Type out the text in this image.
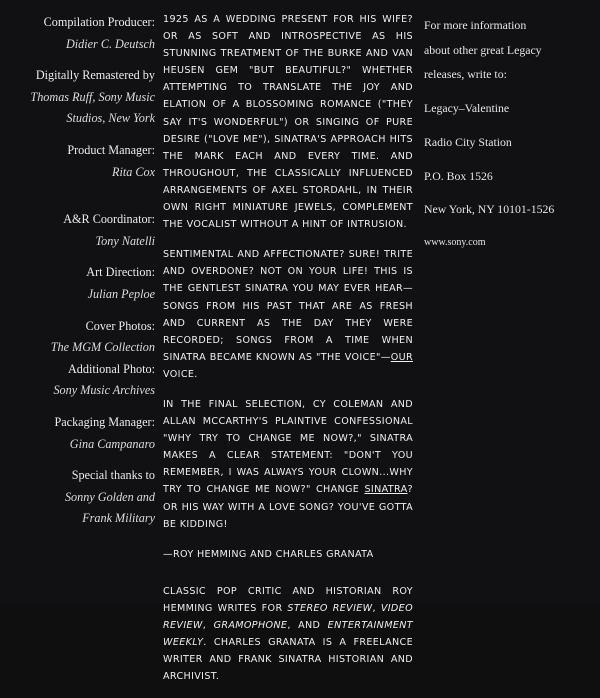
Compilation Producer:
Didier C. Deutsch
Digitally Remastered by
Thomas Ruff, Sony Music
Studios, New York
Product Manager:
Rita Cox
A&R Coordinator:
Tony Natelli
Art Direction:
Julian Peploe
Cover Photos:
The MGM Collection
Additional Photo:
Sony Music Archives
Packaging Manager:
Gina Campanaro
Special thanks to
Sonny Golden and
Frank Military

1925 AS A WEDDING PRESENT FOR HIS WIFE? OR AS SOFT AND INTROSPECTIVE AS HIS STUNNING TREATMENT OF THE BURKE AND VAN HEUSEN GEM "BUT BEAUTIFUL?" WHETHER ATTEMPTING TO TRANSLATE THE JOY AND ELATION OF A BLOSSOMING ROMANCE ("THEY SAY IT'S WONDERFUL") OR SINGING OF PURE DESIRE ("LOVE ME"), SINATRA'S APPROACH HITS THE MARK EACH AND EVERY TIME. AND THROUGHOUT, THE CLASSICALLY INFLUENCED ARRANGEMENTS OF AXEL STORDAHL, IN THEIR OWN RIGHT MINIATURE JEWELS, COMPLEMENT THE VOCALIST WITHOUT A HINT OF INTRUSION.

SENTIMENTAL AND AFFECTIONATE? SURE! TRITE AND OVERDONE? NOT ON YOUR LIFE! THIS IS THE GENTLEST SINATRA YOU MAY EVER HEAR—SONGS FROM HIS PAST THAT ARE AS FRESH AND CURRENT AS THE DAY THEY WERE RECORDED; SONGS FROM A TIME WHEN SINATRA BECAME KNOWN AS "THE VOICE"—OUR VOICE.

IN THE FINAL SELECTION, CY COLEMAN AND ALLAN MCCARTHY'S PLAINTIVE CONFESSIONAL "WHY TRY TO CHANGE ME NOW?," SINATRA MAKES A CLEAR STATEMENT: "DON'T YOU REMEMBER, I WAS ALWAYS YOUR CLOWN...WHY TRY TO CHANGE ME NOW?" CHANGE SINATRA? OR HIS WAY WITH A LOVE SONG? YOU'VE GOTTA BE KIDDING!

—ROY HEMMING AND CHARLES GRANATA

CLASSIC POP CRITIC AND HISTORIAN ROY HEMMING WRITES FOR STEREO REVIEW, VIDEO REVIEW, GRAMOPHONE, AND ENTERTAINMENT WEEKLY. CHARLES GRANATA IS A FREELANCE WRITER AND FRANK SINATRA HISTORIAN AND ARCHIVIST.

For more information
about other great Legacy
releases, write to:
Legacy–Valentine
Radio City Station
P.O. Box 1526
New York, NY 10101-1526
www.sony.com
